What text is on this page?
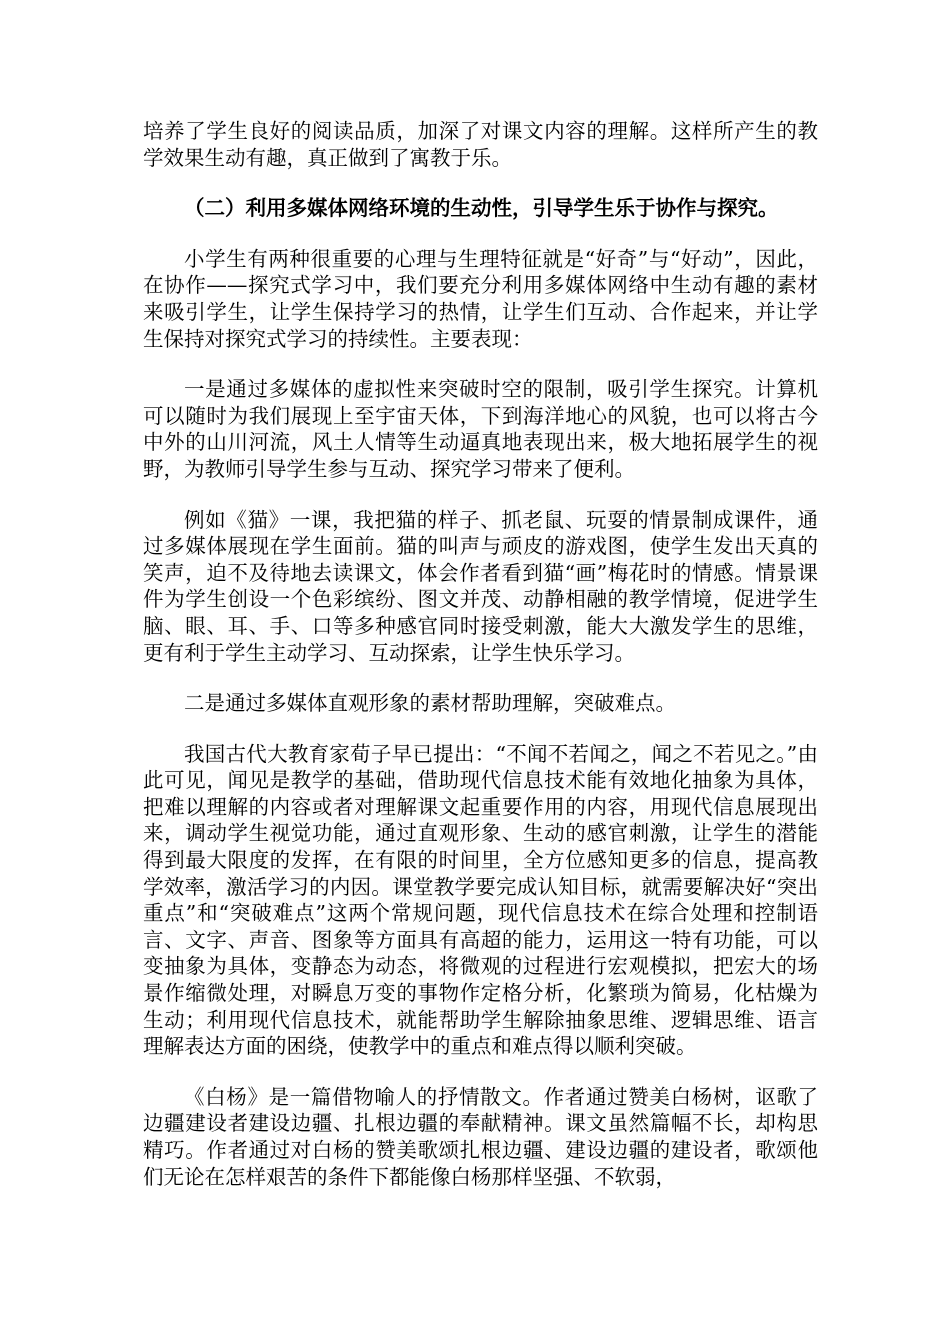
培养了学生良好的阅读品质，加深了对课文内容的理解。这样所产生的教学效果生动有趣，真正做到了寓教于乐。

（二）利用多媒体网络环境的生动性，引导学生乐于协作与探究。

小学生有两种很重要的心理与生理特征就是“好奇”与“好动”，因此，在协作——探究式学习中，我们要充分利用多媒体网络中生动有趣的素材来吸引学生，让学生保持学习的热情，让学生们互动、合作起来，并让学生保持对探究式学习的持续性。主要表现：

一是通过多媒体的虚拟性来突破时空的限制，吸引学生探究。计算机可以随时为我们展现上至宇宙天体，下到海洋地心的风貌，也可以将古今中外的山川河流，风土人情等生动逼真地表现出来，极大地拓展学生的视野，为教师引导学生参与互动、探究学习带来了便利。

例如《猫》一课，我把猫的样子、抓老鼠、玩耍的情景制成课件，通过多媒体展现在学生面前。猫的叫声与顽皮的游戏图，使学生发出天真的笑声，迫不及待地去读课文，体会作者看到猫“画”梅花时的情感。情景课件为学生创设一个色彩缤纷、图文并茂、动静相融的教学情境，促进学生脑、眼、耳、手、口等多种感官同时接受刺激，能大大激发学生的思维，更有利于学生主动学习、互动探索，让学生快乐学习。

二是通过多媒体直观形象的素材帮助理解，突破难点。

我国古代大教育家荀子早已提出：“不闻不若闻之，闻之不若见之。”由此可见，闻见是教学的基础，借助现代信息技术能有效地化抽象为具体，把难以理解的内容或者对理解课文起重要作用的内容，用现代信息展现出来，调动学生视觉功能，通过直观形象、生动的感官刺激，让学生的潜能得到最大限度的发挥，在有限的时间里，全方位感知更多的信息，提高教学效率，激活学习的内因。课堂教学要完成认知目标，就需要解决好“突出重点”和“突破难点”这两个常规问题，现代信息技术在综合处理和控制语言、文字、声音、图象等方面具有高超的能力，运用这一特有功能，可以变抽象为具体，变静态为动态，将微观的过程进行宏观模拟，把宏大的场景作缩微处理，对瞬息万变的事物作定格分析，化繁琐为简易，化枯燥为生动；利用现代信息技术，就能帮助学生解除抽象思维、逻辑思维、语言理解表达方面的困绕，使教学中的重点和难点得以顺利突破。

《白杨》是一篇借物喻人的抒情散文。作者通过赞美白杨树，讴歌了边疆建设者建设边疆、扎根边疆的奉献精神。课文虽然篇幅不长，却构思精巧。作者通过对白杨的赞美歌颂扎根边疆、建设边疆的建设者，歌颂他们无论在怎样艰苦的条件下都能像白杨那样坚强、不软弱，
